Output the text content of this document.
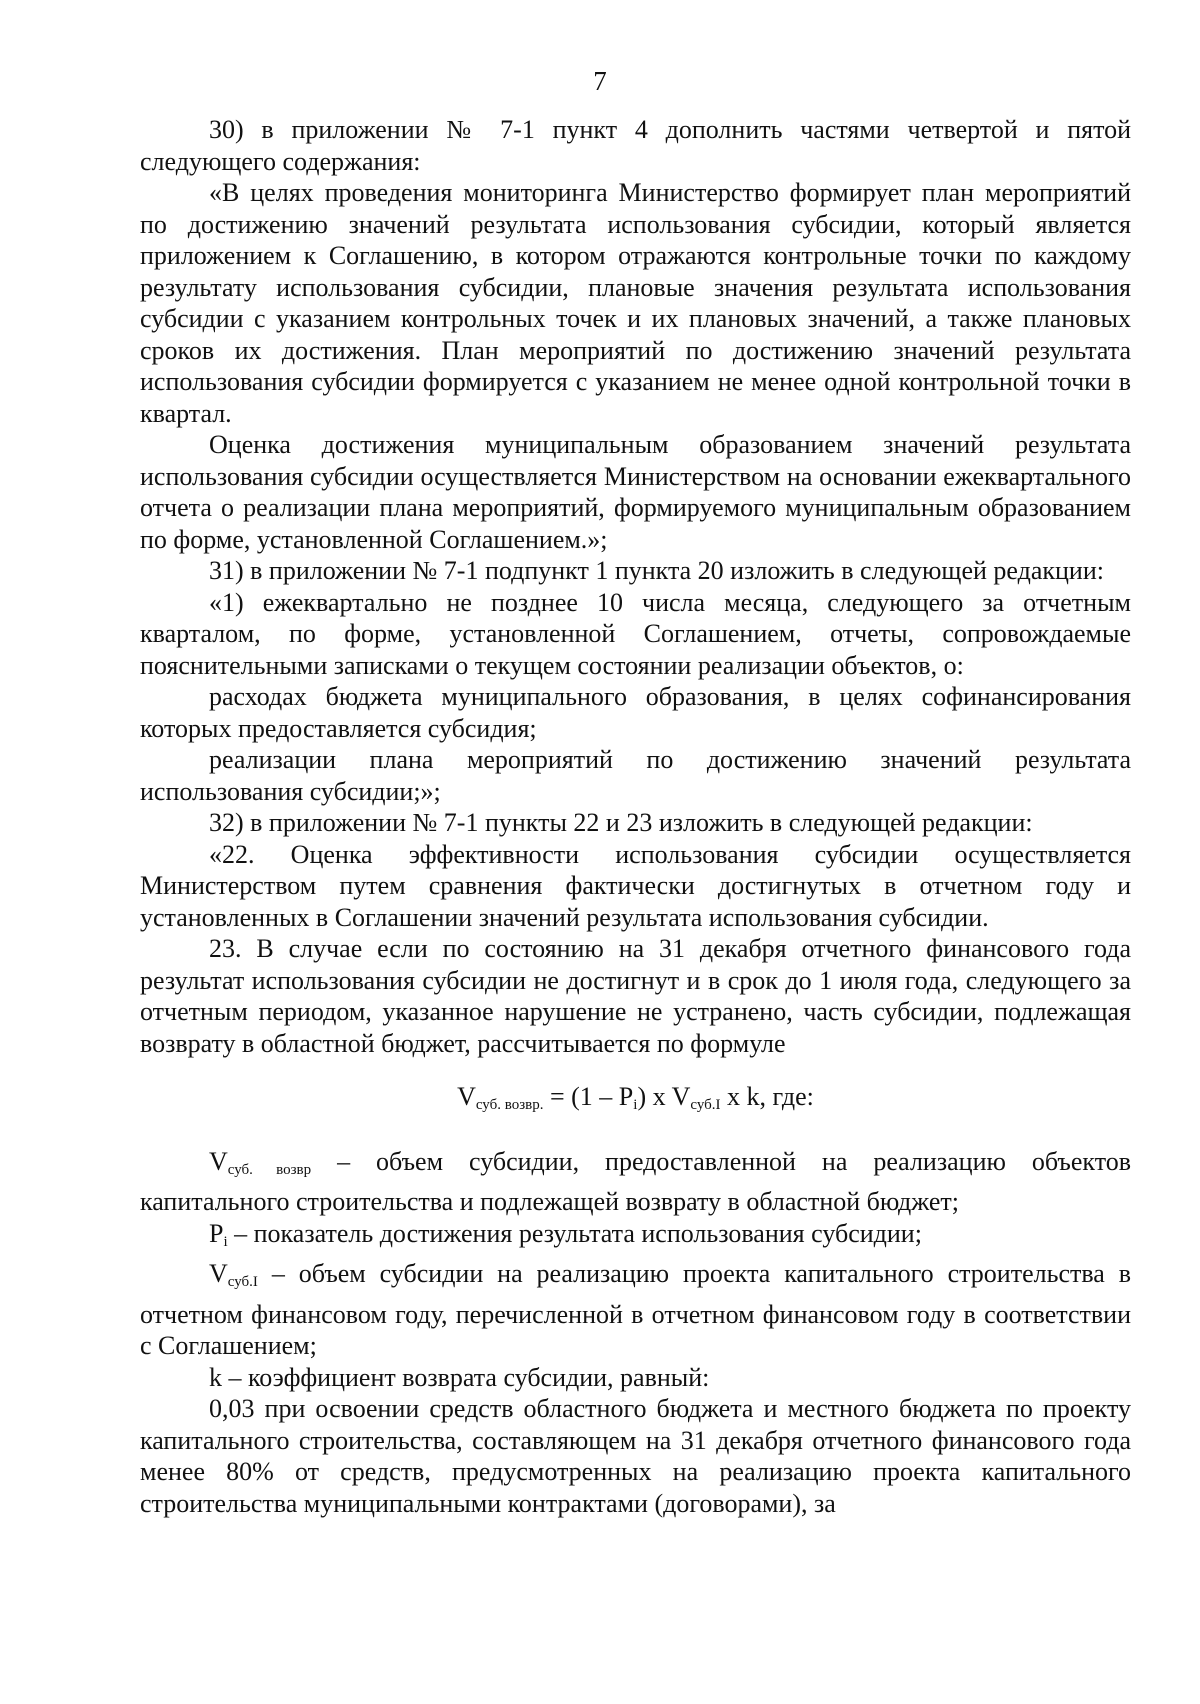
7

30) в приложении № 7-1 пункт 4 дополнить частями четвертой и пятой следующего содержания:

«В целях проведения мониторинга Министерство формирует план мероприятий по достижению значений результата использования субсидии, который является приложением к Соглашению, в котором отражаются контрольные точки по каждому результату использования субсидии, плановые значения результата использования субсидии с указанием контрольных точек и их плановых значений, а также плановых сроков их достижения. План мероприятий по достижению значений результата использования субсидии формируется с указанием не менее одной контрольной точки в квартал.

Оценка достижения муниципальным образованием значений результата использования субсидии осуществляется Министерством на основании ежеквартального отчета о реализации плана мероприятий, формируемого муниципальным образованием по форме, установленной Соглашением.»;

31) в приложении № 7-1 подпункт 1 пункта 20 изложить в следующей редакции:

«1) ежеквартально не позднее 10 числа месяца, следующего за отчетным кварталом, по форме, установленной Соглашением, отчеты, сопровождаемые пояснительными записками о текущем состоянии реализации объектов, о:

расходах бюджета муниципального образования, в целях софинансирования которых предоставляется субсидия;

реализации плана мероприятий по достижению значений результата использования субсидии;»;

32) в приложении № 7-1 пункты 22 и 23 изложить в следующей редакции:

«22. Оценка эффективности использования субсидии осуществляется Министерством путем сравнения фактически достигнутых в отчетном году и установленных в Соглашении значений результата использования субсидии.

23. В случае если по состоянию на 31 декабря отчетного финансового года результат использования субсидии не достигнут и в срок до 1 июля года, следующего за отчетным периодом, указанное нарушение не устранено, часть субсидии, подлежащая возврату в областной бюджет, рассчитывается по формуле

$V_{суб. возвр.} = (1 - P_i)$ x $V_{суб.I}$ x k, где:

$V_{суб. возвр}$ – объем субсидии, предоставленной на реализацию объектов капитального строительства и подлежащей возврату в областной бюджет;

$P_i$ – показатель достижения результата использования субсидии;

$V_{суб.I}$ – объем субсидии на реализацию проекта капитального строительства в отчетном финансовом году, перечисленной в отчетном финансовом году в соответствии с Соглашением;

k – коэффициент возврата субсидии, равный:

0,03 при освоении средств областного бюджета и местного бюджета по проекту капитального строительства, составляющем на 31 декабря отчетного финансового года менее 80% от средств, предусмотренных на реализацию проекта капитального строительства муниципальными контрактами (договорами), за
